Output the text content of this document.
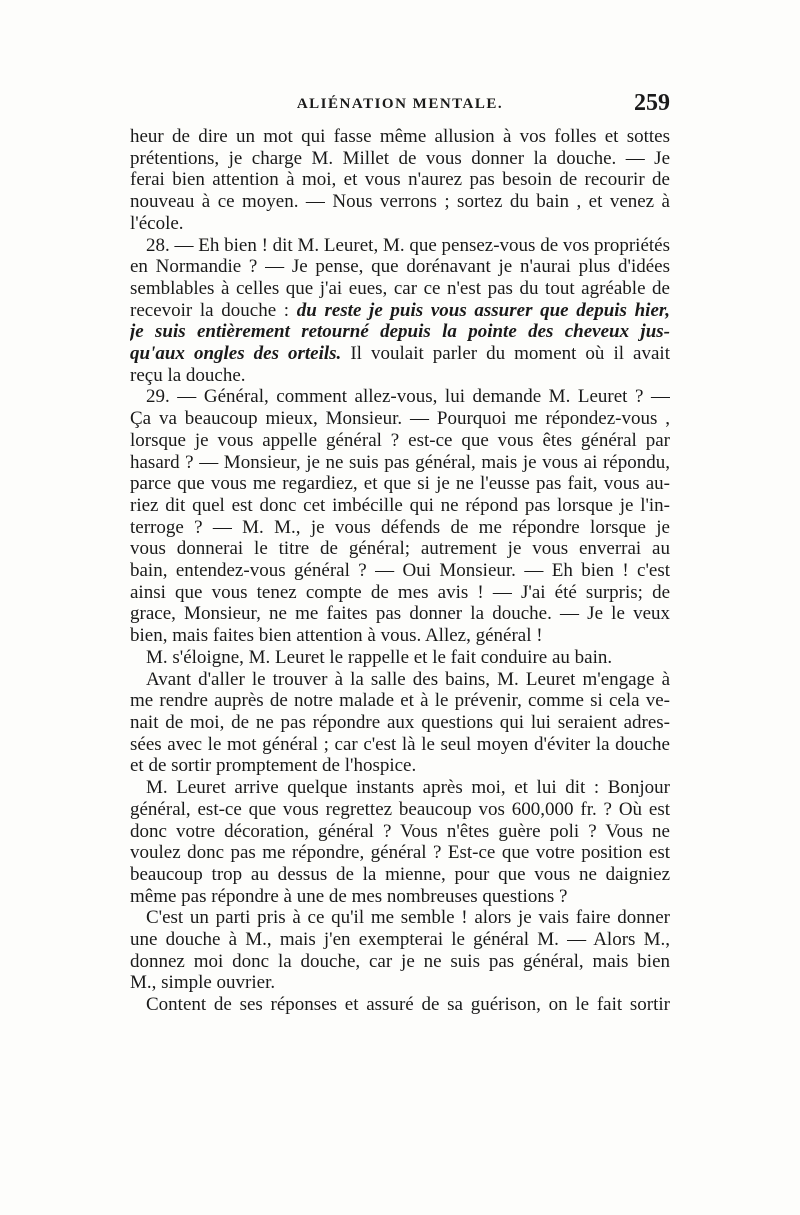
ALIÉNATION MENTALE.	259
heur de dire un mot qui fasse même allusion à vos folles et sottes
prétentions, je charge M. Millet de vous donner la douche. — Je
ferai bien attention à moi, et vous n'aurez pas besoin de recourir de
nouveau à ce moyen. — Nous verrons ; sortez du bain , et venez à
l'école.
28. — Eh bien ! dit M. Leuret, M. que pensez-vous de vos propriétés
en Normandie ? — Je pense, que dorénavant je n'aurai plus d'idées
semblables à celles que j'ai eues, car ce n'est pas du tout agréable de
recevoir la douche : du reste je puis vous assurer que depuis hier,
je suis entièrement retourné depuis la pointe des cheveux jus-
qu'aux ongles des orteils. Il voulait parler du moment où il avait
reçu la douche.
29. — Général, comment allez-vous, lui demande M. Leuret ? —
Ça va beaucoup mieux, Monsieur. — Pourquoi me répondez-vous ,
lorsque je vous appelle général ? est-ce que vous êtes général par
hasard ? — Monsieur, je ne suis pas général, mais je vous ai répondu,
parce que vous me regardiez, et que si je ne l'eusse pas fait, vous au-
riez dit quel est donc cet imbécille qui ne répond pas lorsque je l'in-
terroge ? — M. M., je vous défends de me répondre lorsque je
vous donnerai le titre de général; autrement je vous enverrai au
bain, entendez-vous général ? — Oui Monsieur. — Eh bien ! c'est
ainsi que vous tenez compte de mes avis ! — J'ai été surpris; de
grace, Monsieur, ne me faites pas donner la douche. — Je le veux
bien, mais faites bien attention à vous. Allez, général !
M. s'éloigne, M. Leuret le rappelle et le fait conduire au bain.
Avant d'aller le trouver à la salle des bains, M. Leuret m'engage à
me rendre auprès de notre malade et à le prévenir, comme si cela ve-
nait de moi, de ne pas répondre aux questions qui lui seraient adres-
sées avec le mot général ; car c'est là le seul moyen d'éviter la douche
et de sortir promptement de l'hospice.
M. Leuret arrive quelque instants après moi, et lui dit : Bonjour
général, est-ce que vous regrettez beaucoup vos 600,000 fr. ? Où est
donc votre décoration, général ? Vous n'êtes guère poli ? Vous ne
voulez donc pas me répondre, général ? Est-ce que votre position est
beaucoup trop au dessus de la mienne, pour que vous ne daigniez
même pas répondre à une de mes nombreuses questions ?
C'est un parti pris à ce qu'il me semble ! alors je vais faire donner
une douche à M., mais j'en exempterai le général M. — Alors M.,
donnez moi donc la douche, car je ne suis pas général, mais bien
M., simple ouvrier.
Content de ses réponses et assuré de sa guérison, on le fait sortir
